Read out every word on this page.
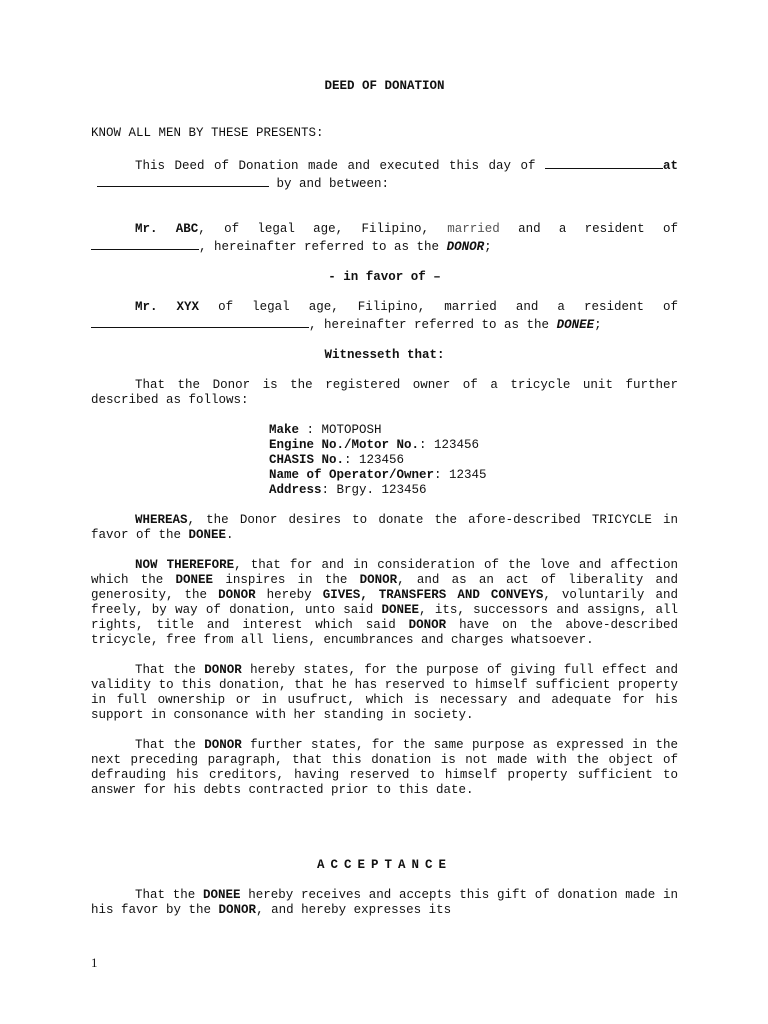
DEED OF DONATION

KNOW ALL MEN BY THESE PRESENTS:

This Deed of Donation made and executed this day of	at by and between:

Mr. ABC, of legal age, Filipino, married and a resident of , hereinafter referred to as the DONOR;

- in favor of –

Mr. XYX of legal age, Filipino, married and a resident of , hereinafter referred to as the DONEE;

Witnesseth that:

That the Donor is the registered owner of a tricycle unit further described as follows:

Make : MOTOPOSH
Engine No./Motor No.: 123456
CHASIS No.: 123456
Name of Operator/Owner: 12345
Address: Brgy. 123456

WHEREAS, the Donor desires to donate the afore-described TRICYCLE in favor of the DONEE.

NOW THEREFORE, that for and in consideration of the love and affection which the DONEE inspires in the DONOR, and as an act of liberality and generosity, the DONOR hereby GIVES, TRANSFERS AND CONVEYS, voluntarily and freely, by way of donation, unto said DONEE, its, successors and assigns, all rights, title and interest which said DONOR have on the above-described tricycle, free from all liens, encumbrances and charges whatsoever.

That the DONOR hereby states, for the purpose of giving full effect and validity to this donation, that he has reserved to himself sufficient property in full ownership or in usufruct, which is necessary and adequate for his support in consonance with her standing in society.

That the DONOR further states, for the same purpose as expressed in the next preceding paragraph, that this donation is not made with the object of defrauding his creditors, having reserved to himself property sufficient to answer for his debts contracted prior to this date.

ACCEPTANCE

That the DONEE hereby receives and accepts this gift of donation made in his favor by the DONOR, and hereby expresses its

1
